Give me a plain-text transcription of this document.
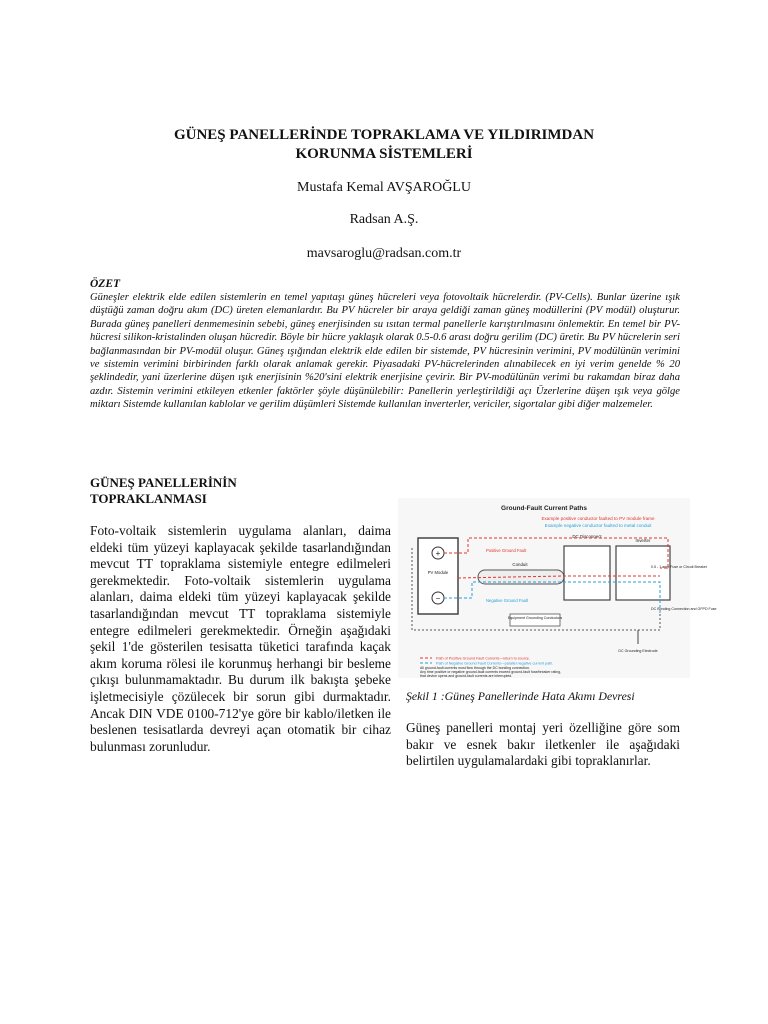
GÜNEŞ PANELLERİNDE TOPRAKLAMA VE YILDIRIMDAN
KORUNMA SİSTEMLERİ
Mustafa Kemal AVŞAROĞLU
Radsan A.Ş.
mavsaroglu@radsan.com.tr
ÖZET
Güneşler elektrik elde edilen sistemlerin en temel yapıtaşı güneş hücreleri veya fotovoltaik hücrelerdir. (PV-Cells). Bunlar üzerine ışık düştüğü zaman doğru akım (DC) üreten elemanlardır. Bu PV hücreler bir araya geldiği zaman güneş modüllerini (PV modül) oluşturur. Burada güneş panelleri denmemesinin sebebi, güneş enerjisinden su ısıtan termal panellerle karıştırılmasını önlemektir. En temel bir PV-hücresi silikon-kristalinden oluşan hücredir. Böyle bir hücre yaklaşık olarak 0.5-0.6 arası doğru gerilim (DC) üretir. Bu PV hücrelerin seri bağlanmasından bir PV-modül oluşur. Güneş ışığından elektrik elde edilen bir sistemde, PV hücresinin verimini, PV modülünün verimini ve sistemin verimini birbirinden farklı olarak anlamak gerekir. Piyasadaki PV-hücrelerinden alınabilecek en iyi verim genelde % 20 şeklindedir, yani üzerlerine düşen ışık enerjisinin %20'sini elektrik enerjisine çevirir. Bir PV-modülünün verimi bu rakamdan biraz daha azdır. Sistemin verimini etkileyen etkenler faktörler şöyle düşünülebilir: Panellerin yerleştirildiği açı Üzerlerine düşen ışık veya gölge miktarı Sistemde kullanılan kablolar ve gerilim düşümleri Sistemde kullanılan inverterler, vericiler, sigortalar gibi diğer malzemeler.
GÜNEŞ PANELLERİNİN
TOPRAKLANMASI
Foto-voltaik sistemlerin uygulama alanları, daima eldeki tüm yüzeyi kaplayacak şekilde tasarlandığından mevcut TT topraklama sistemiyle entegre edilmeleri gerekmektedir. Foto-voltaik sistemlerin uygulama alanları, daima eldeki tüm yüzeyi kaplayacak şekilde tasarlandığından mevcut TT topraklama sistemiyle entegre edilmeleri gerekmektedir. Örneğin aşağıdaki şekil 1'de gösterilen tesisatta tüketici tarafında kaçak akım koruma rölesi ile korunmuş herhangi bir besleme çıkışı bulunmamaktadır. Bu durum ilk bakışta şebeke işletmecisiyle çözülecek bir sorun gibi durmaktadır. Ancak DIN VDE 0100-712'ye göre bir kablo/iletken ile beslenen tesisatlarda devreyi açan otomatik bir cihaz bulunması zorunludur.
Ground-Fault Current Paths
Example positive conductor faulted to PV module frame
Example negative conductor faulted to metal conduit
+
−
PV Module
Positive Ground Fault
Negative Ground Fault
Conduit
DC Disconnect
Inverter
0.5 - 1 amp Fuse or Circuit Breaker
DC Bonding Connection and GFPD Fuse
Equipment Grounding Conductors
DC Grounding Electrode
Path of Positive Ground Fault Currents—return to source.
Path of Negative Ground Fault Currents—parallel negative current path.
All ground-fault currents must flow through the DC bonding connection.
Any time positive or negative ground-fault currents exceed ground-fault fuse/breaker rating,
that device opens and ground-fault currents are interrupted.
Şekil 1 :Güneş Panellerinde Hata Akımı Devresi
Güneş panelleri montaj yeri özelliğine göre som bakır ve esnek bakır iletkenler ile aşağıdaki belirtilen uygulamalardaki gibi topraklanırlar.
